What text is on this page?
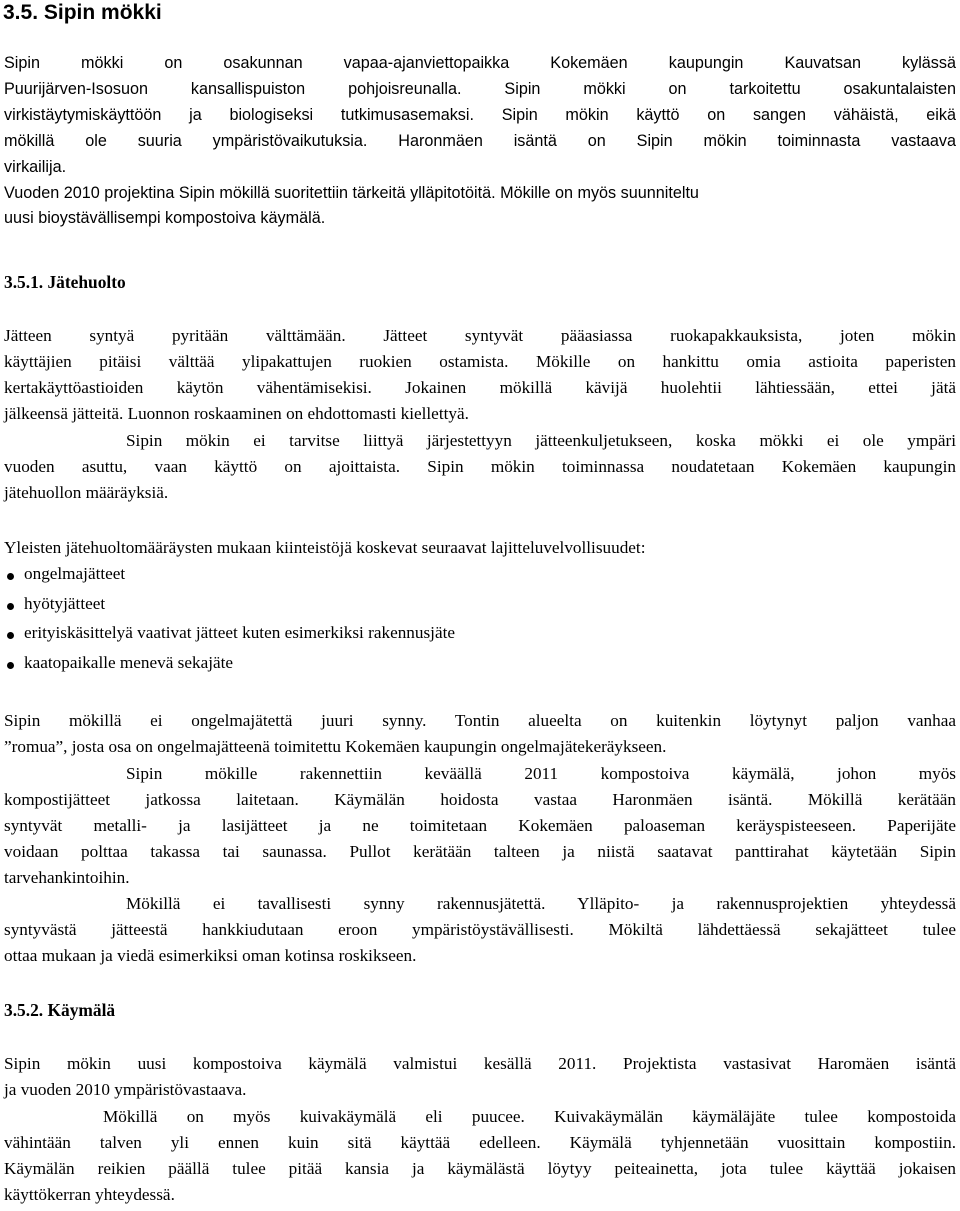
3.5. Sipin mökki
Sipin mökki on osakunnan vapaa-ajanviettopaikka Kokemäen kaupungin Kauvatsan kylässä
Puurijärven-Isosuon kansallispuiston pohjoisreunalla. Sipin mökki on tarkoitettu osakuntalaisten
virkistäytymiskäyttöön ja biologiseksi tutkimusasemaksi. Sipin mökin käyttö on sangen vähäistä, eikä
mökillä ole suuria ympäristövaikutuksia. Haronmäen isäntä on Sipin mökin toiminnasta vastaava
virkailija.
Vuoden 2010 projektina Sipin mökillä suoritettiin tärkeitä ylläpitotöitä. Mökille on myös suunniteltu
uusi bioystävällisempi kompostoiva käymälä.
3.5.1. Jätehuolto
Jätteen syntyä pyritään välttämään. Jätteet syntyvät pääasiassa ruokapakkauksista, joten mökin
käyttäjien pitäisi välttää ylipakattujen ruokien ostamista. Mökille on hankittu omia astioita paperisten
kertakäyttöastioiden käytön vähentämisekisi. Jokainen mökillä kävijä huolehtii lähtiessään, ettei jätä
jälkeensä jätteitä. Luonnon roskaaminen on ehdottomasti kiellettyä.
Sipin mökin ei tarvitse liittyä järjestettyyn jätteenkuljetukseen, koska mökki ei ole ympäri
vuoden asuttu, vaan käyttö on ajoittaista. Sipin mökin toiminnassa noudatetaan Kokemäen kaupungin
jätehuollon määräyksiä.
Yleisten jätehuoltomääräysten mukaan kiinteistöjä koskevat seuraavat lajitteluvelvollisuudet:
ongelmajätteet
hyötyjätteet
erityiskäsittelyä vaativat jätteet kuten esimerkiksi rakennusjäte
kaatopaikalle menevä sekajäte
Sipin mökillä ei ongelmajätettä juuri synny. Tontin alueelta on kuitenkin löytynyt paljon vanhaa
”romua”, josta osa on ongelmajätteenä toimitettu Kokemäen kaupungin ongelmajätekeräykseen.
Sipin mökille rakennettiin keväällä 2011 kompostoiva käymälä, johon myös
kompostijätteet jatkossa laitetaan. Käymälän hoidosta vastaa Haronmäen isäntä. Mökillä kerätään
syntyvät metalli- ja lasijätteet ja ne toimitetaan Kokemäen paloaseman keräyspisteeseen. Paperijäte
voidaan polttaa takassa tai saunassa. Pullot kerätään talteen ja niistä saatavat panttirahat käytetään Sipin
tarvehankintoihin.
Mökillä ei tavallisesti synny rakennusjätettä. Ylläpito- ja rakennusprojektien yhteydessä
syntyvästä jätteestä hankkiudutaan eroon ympäristöystävällisesti. Mökiltä lähdettäessä sekajätteet tulee
ottaa mukaan ja viedä esimerkiksi oman kotinsa roskikseen.
3.5.2. Käymälä
Sipin mökin uusi kompostoiva käymälä valmistui kesällä 2011. Projektista vastasivat Haromäen isäntä
ja vuoden 2010 ympäristövastaava.
Mökillä on myös kuivakäymälä eli puucee. Kuivakäymälän käymäläjäte tulee kompostoida
vähintään talven yli ennen kuin sitä käyttää edelleen. Käymälä tyhjennetään vuosittain kompostiin.
Käymälän reikien päällä tulee pitää kansia ja käymälästä löytyy peiteainetta, jota tulee käyttää jokaisen
käyttökerran yhteydessä.
